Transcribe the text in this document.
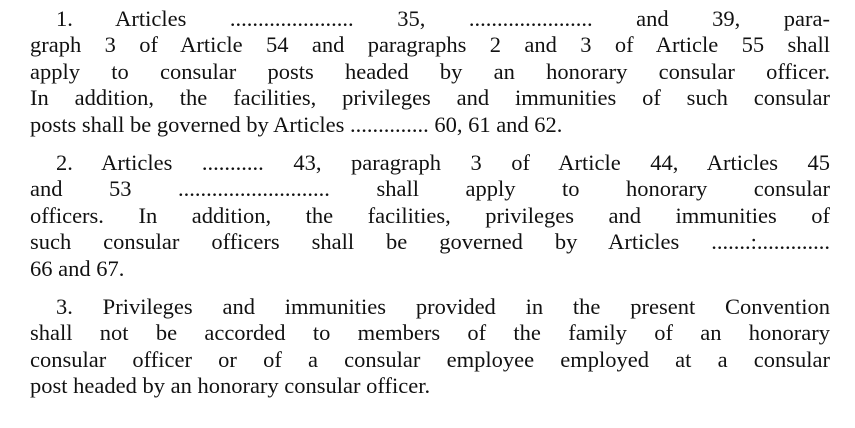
1. Articles ...................... 35, ...................... and 39, para-
graph 3 of Article 54 and paragraphs 2 and 3 of Article 55 shall
apply to consular posts headed by an honorary consular officer.
In addition, the facilities, privileges and immunities of such consular
posts shall be governed by Articles .............. 60, 61 and 62.
2. Articles ........... 43, paragraph 3 of Article 44, Articles 45
and 53 ........................... shall apply to honorary consular
officers. In addition, the facilities, privileges and immunities of
such consular officers shall be governed by Articles .......:.............
66 and 67.
3. Privileges and immunities provided in the present Convention
shall not be accorded to members of the family of an honorary
consular officer or of a consular employee employed at a consular
post headed by an honorary consular officer.
